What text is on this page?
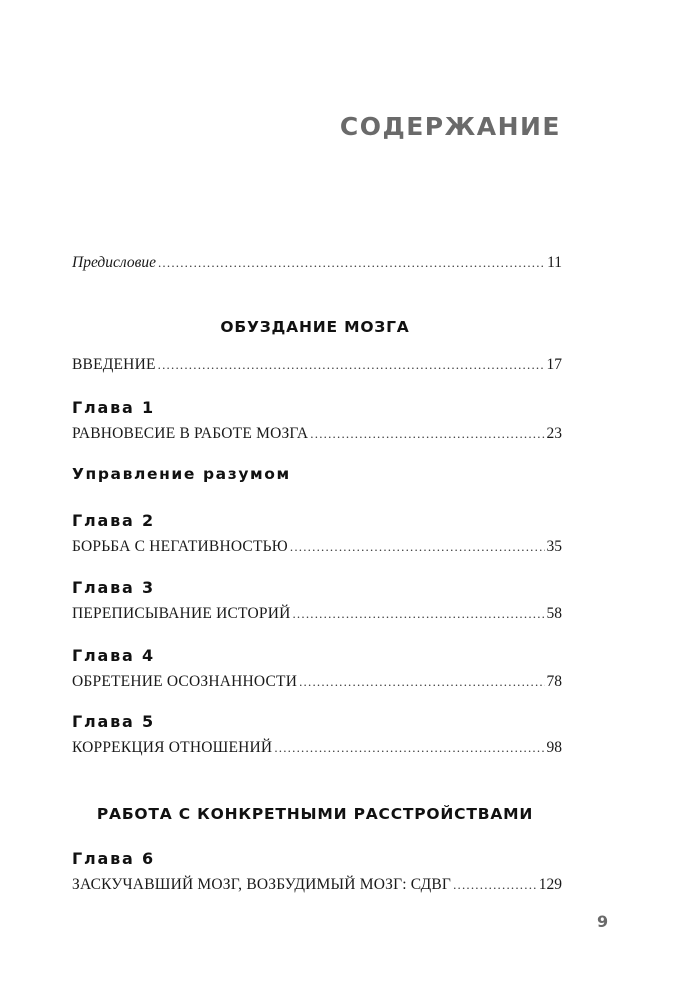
СОДЕРЖАНИЕ
Предисловие .....	11
ОБУЗДАНИЕ МОЗГА
ВВЕДЕНИЕ .....	17
Глава 1
РАВНОВЕСИЕ В РАБОТЕ МОЗГА .....	23
Управление разумом
Глава 2
БОРЬБА С НЕГАТИВНОСТЬЮ .....	35
Глава 3
ПЕРЕПИСЫВАНИЕ ИСТОРИЙ .....	58
Глава 4
ОБРЕТЕНИЕ ОСОЗНАННОСТИ .....	78
Глава 5
КОРРЕКЦИЯ ОТНОШЕНИЙ .....	98
РАБОТА С КОНКРЕТНЫМИ РАССТРОЙСТВАМИ
Глава 6
ЗАСКУЧАВШИЙ МОЗГ, ВОЗБУДИМЫЙ МОЗГ: СДВГ .....	129
9
